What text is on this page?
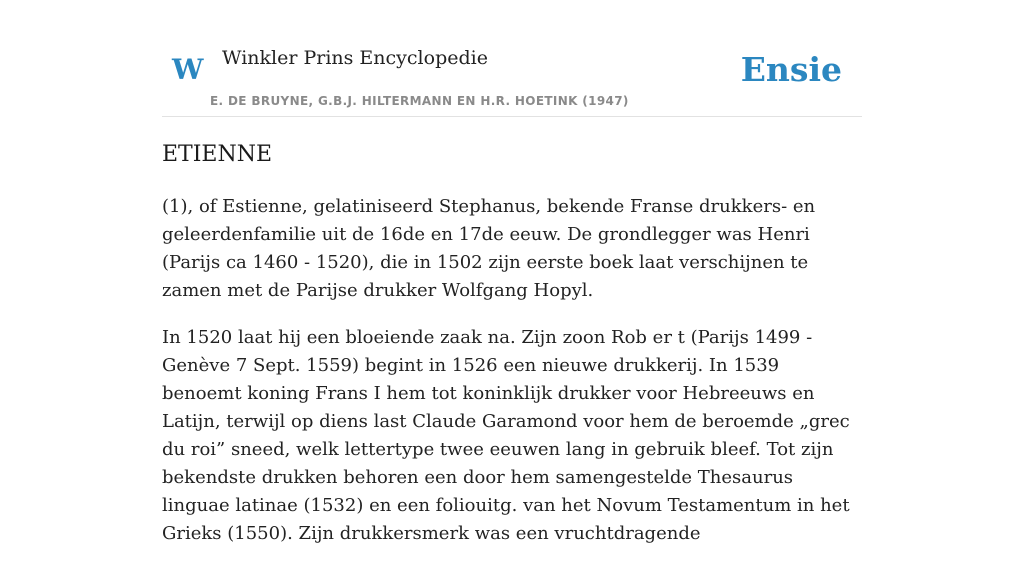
W Winkler Prins Encyclopedie
E. DE BRUYNE, G.B.J. HILTERMANN EN H.R. HOETINK (1947)
Ensie
ETIENNE

(1), of Estienne, gelatiniseerd Stephanus, bekende Franse drukkers- en geleerdenfamilie uit de 16de en 17de eeuw. De grondlegger was Henri (Parijs ca 1460 - 1520), die in 1502 zijn eerste boek laat verschijnen te zamen met de Parijse drukker Wolfgang Hopyl.

In 1520 laat hij een bloeiende zaak na. Zijn zoon Rob er t (Parijs 1499 - Genève 7 Sept. 1559) begint in 1526 een nieuwe drukkerij. In 1539 benoemt koning Frans I hem tot koninklijk drukker voor Hebreeuws en Latijn, terwijl op diens last Claude Garamond voor hem de beroemde „grec du roi” sneed, welk lettertype twee eeuwen lang in gebruik bleef. Tot zijn bekendste drukken behoren een door hem samengestelde Thesaurus linguae latinae (1532) en een foliouitg. van het Novum Testamentum in het Grieks (1550). Zijn drukkersmerk was een vruchtdragende
